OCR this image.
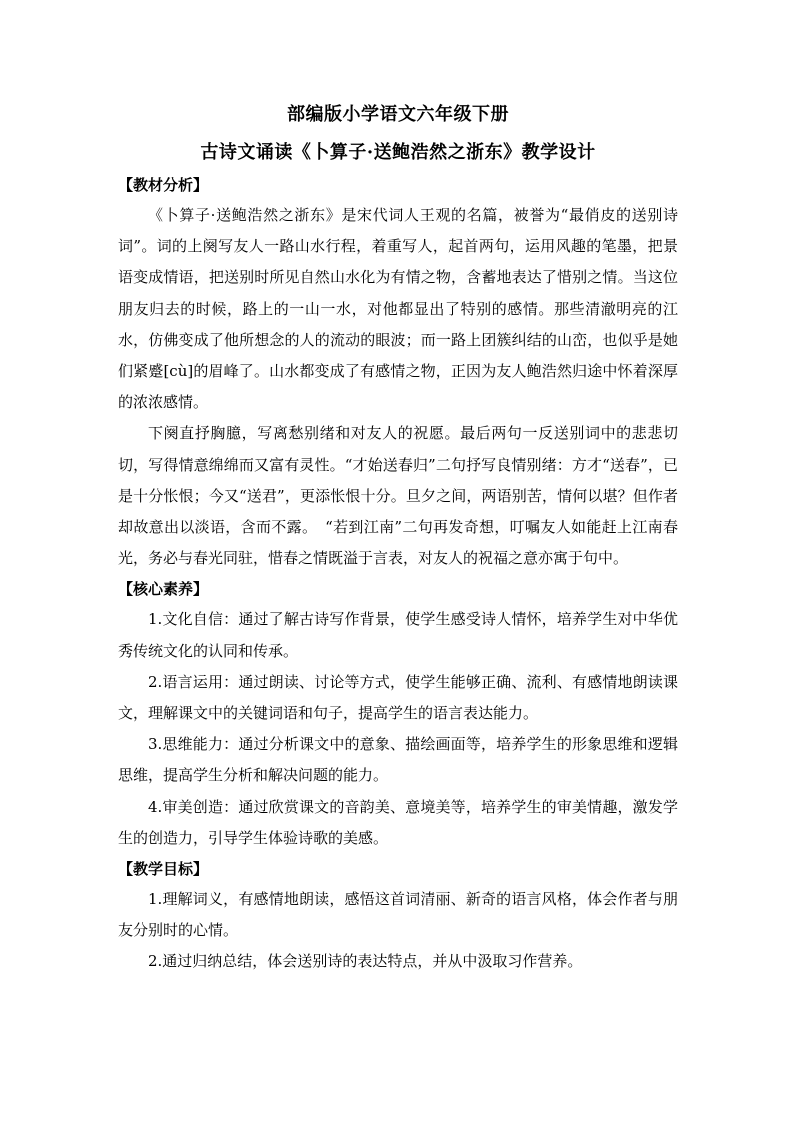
部编版小学语文六年级下册
古诗文诵读《卜算子·送鲍浩然之浙东》教学设计
【教材分析】

《卜算子·送鲍浩然之浙东》是宋代词人王观的名篇，被誉为“最俏皮的送别诗词”。词的上阕写友人一路山水行程，着重写人，起首两句，运用风趣的笔墨，把景语变成情语，把送别时所见自然山水化为有情之物，含蓄地表达了惜别之情。当这位朋友归去的时候，路上的一山一水，对他都显出了特别的感情。那些清澈明亮的江水，仿佛变成了他所想念的人的流动的眼波；而一路上团簇纠结的山峦，也似乎是她们紧蹙[cù]的眉峰了。山水都变成了有感情之物，正因为友人鲍浩然归途中怀着深厚的浓浓感情。

下阕直抒胸臆，写离愁别绪和对友人的祝愿。最后两句一反送别词中的悲悲切切，写得情意绵绵而又富有灵性。“才始送春归”二句抒写良情别绪：方才“送春”，已是十分怅恨；今又“送君”，更添怅恨十分。旦夕之间，两语别苦，情何以堪？但作者却故意出以淡语，含而不露。　“若到江南”二句再发奇想，叮嘱友人如能赶上江南春光，务必与春光同驻，惜春之情既溢于言表，对友人的祝福之意亦寓于句中。

【核心素养】

1.文化自信：通过了解古诗写作背景，使学生感受诗人情怀，培养学生对中华优秀传统文化的认同和传承。

2.语言运用：通过朗读、讨论等方式，使学生能够正确、流利、有感情地朗读课文，理解课文中的关键词语和句子，提高学生的语言表达能力。

3.思维能力：通过分析课文中的意象、描绘画面等，培养学生的形象思维和逻辑思维，提高学生分析和解决问题的能力。

4.审美创造：通过欣赏课文的音韵美、意境美等，培养学生的审美情趣，激发学生的创造力，引导学生体验诗歌的美感。

【教学目标】

1.理解词义，有感情地朗读，感悟这首词清丽、新奇的语言风格，体会作者与朋友分别时的心情。

2.通过归纳总结，体会送别诗的表达特点，并从中汲取习作营养。
